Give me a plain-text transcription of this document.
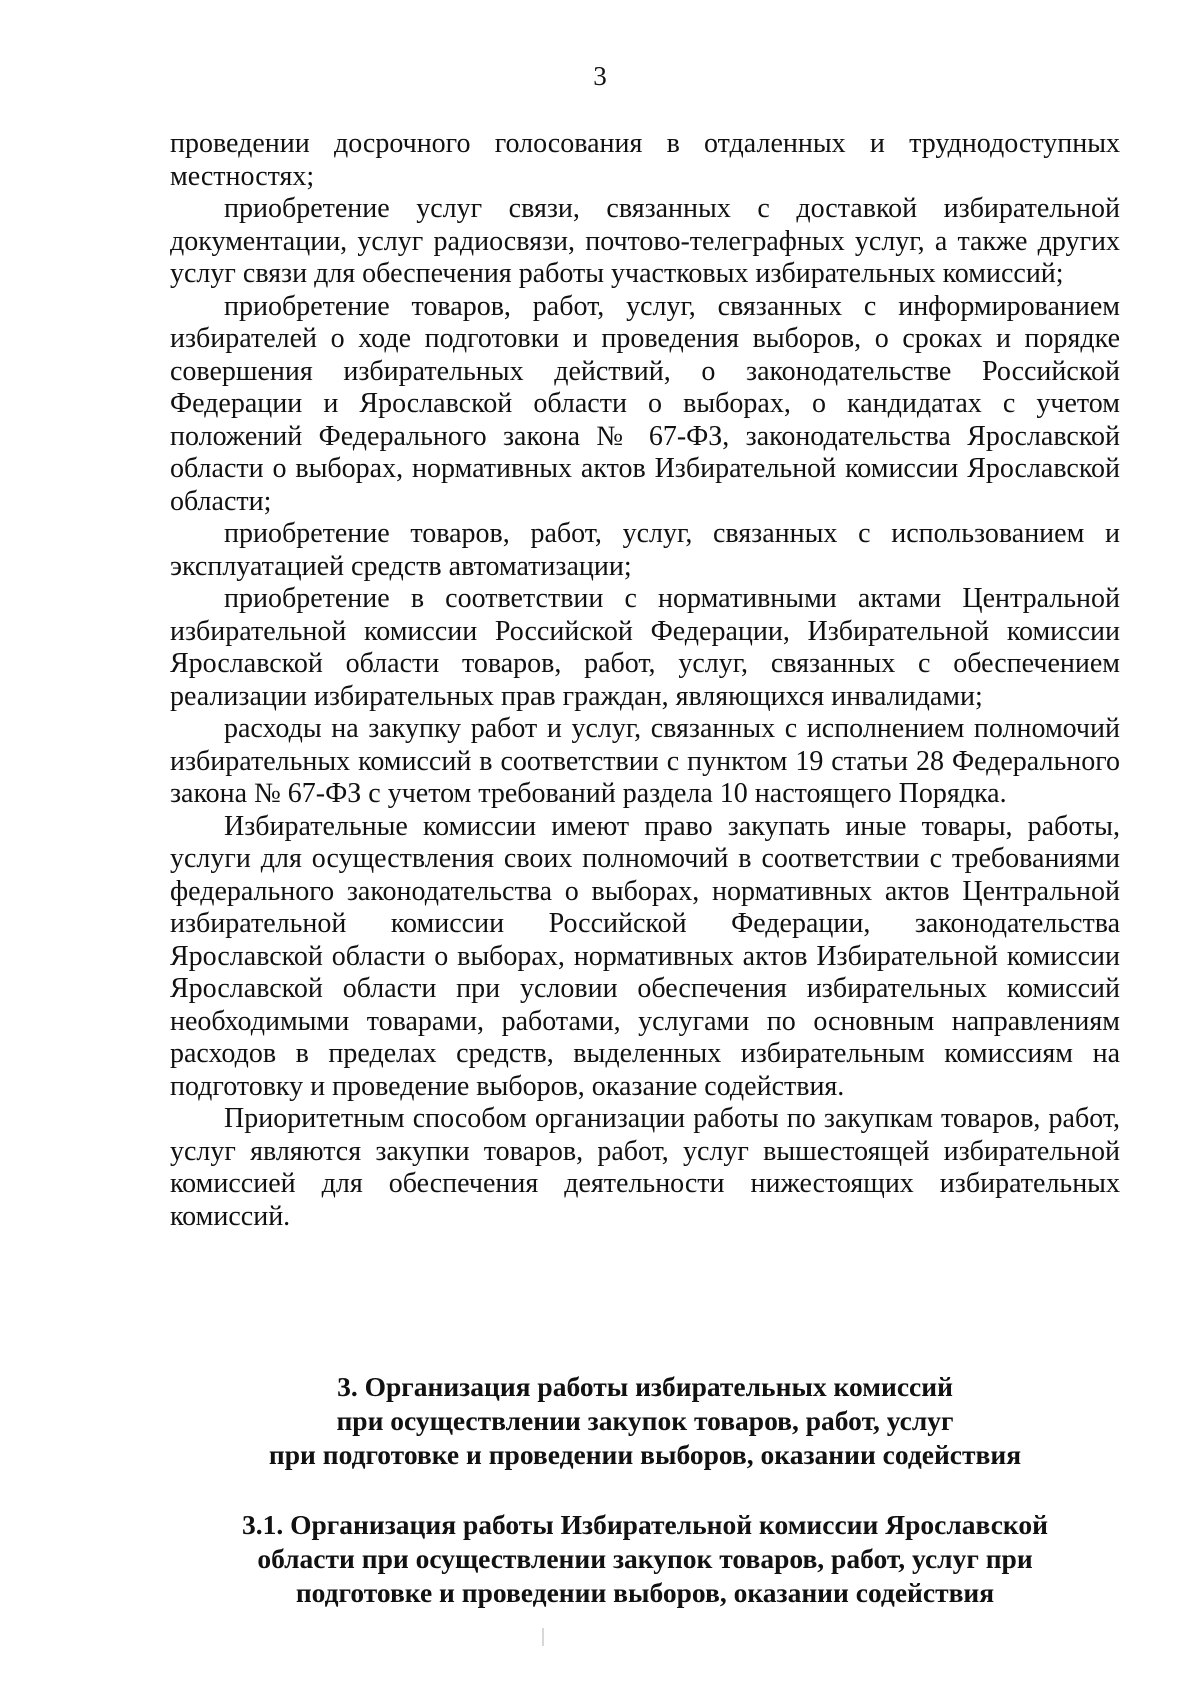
3

проведении досрочного голосования в отдаленных и труднодоступных местностях;

приобретение услуг связи, связанных с доставкой избирательной документации, услуг радиосвязи, почтово-телеграфных услуг, а также других услуг связи для обеспечения работы участковых избирательных комиссий;

приобретение товаров, работ, услуг, связанных с информированием избирателей о ходе подготовки и проведения выборов, о сроках и порядке совершения избирательных действий, о законодательстве Российской Федерации и Ярославской области о выборах, о кандидатах с учетом положений Федерального закона № 67-ФЗ, законодательства Ярославской области о выборах, нормативных актов Избирательной комиссии Ярославской области;

приобретение товаров, работ, услуг, связанных с использованием и эксплуатацией средств автоматизации;

приобретение в соответствии с нормативными актами Центральной избирательной комиссии Российской Федерации, Избирательной комиссии Ярославской области товаров, работ, услуг, связанных с обеспечением реализации избирательных прав граждан, являющихся инвалидами;

расходы на закупку работ и услуг, связанных с исполнением полномочий избирательных комиссий в соответствии с пунктом 19 статьи 28 Федерального закона № 67-ФЗ с учетом требований раздела 10 настоящего Порядка.

Избирательные комиссии имеют право закупать иные товары, работы, услуги для осуществления своих полномочий в соответствии с требованиями федерального законодательства о выборах, нормативных актов Центральной избирательной комиссии Российской Федерации, законодательства Ярославской области о выборах, нормативных актов Избирательной комиссии Ярославской области при условии обеспечения избирательных комиссий необходимыми товарами, работами, услугами по основным направлениям расходов в пределах средств, выделенных избирательным комиссиям на подготовку и проведение выборов, оказание содействия.

Приоритетным способом организации работы по закупкам товаров, работ, услуг являются закупки товаров, работ, услуг вышестоящей избирательной комиссией для обеспечения деятельности нижестоящих избирательных комиссий.

3. Организация работы избирательных комиссий
при осуществлении закупок товаров, работ, услуг
при подготовке и проведении выборов, оказании содействия
3.1. Организация работы Избирательной комиссии Ярославской
области при осуществлении закупок товаров, работ, услуг при
подготовке и проведении выборов, оказании содействия
